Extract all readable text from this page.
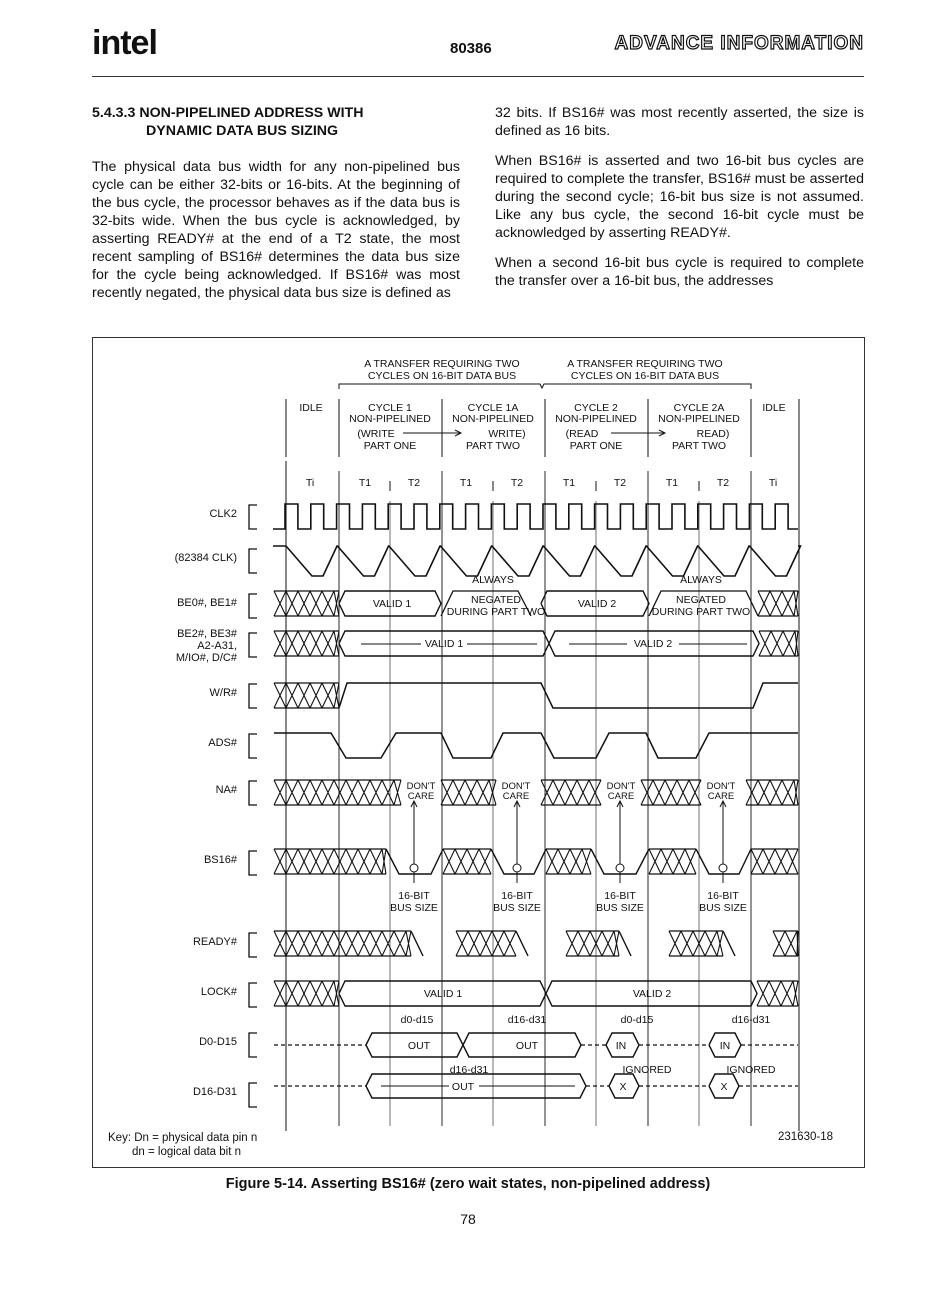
intel	80386	ADVANCE INFORMATION
5.4.3.3 NON-PIPELINED ADDRESS WITH
DYNAMIC DATA BUS SIZING

The physical data bus width for any non-pipelined bus cycle can be either 32-bits or 16-bits. At the beginning of the bus cycle, the processor behaves as if the data bus is 32-bits wide. When the bus cycle is acknowledged, by asserting READY# at the end of a T2 state, the most recent sampling of BS16# determines the data bus size for the cycle being acknowledged. If BS16# was most recently negated, the physical data bus size is defined as

32 bits. If BS16# was most recently asserted, the size is defined as 16 bits.

When BS16# is asserted and two 16-bit bus cycles are required to complete the transfer, BS16# must be asserted during the second cycle; 16-bit bus size is not assumed. Like any bus cycle, the second 16-bit cycle must be acknowledged by asserting READY#.

When a second 16-bit bus cycle is required to complete the transfer over a 16-bit bus, the addresses

A TRANSFER REQUIRING TWO
CYCLES ON 16-BIT DATA BUS
A TRANSFER REQUIRING TWO
CYCLES ON 16-BIT DATA BUS
IDLE	CYCLE 1
NON-PIPELINED
(WRITE
PART ONE
CYCLE 1A
NON-PIPELINED
WRITE)
PART TWO
CYCLE 2
NON-PIPELINED
(READ
PART ONE
CYCLE 2A
NON-PIPELINED
READ)
PART TWO
IDLE
Ti	T1	T2	T1	T2	T1	T2	T1	T2	Ti
CLK2
(82384 CLK)
BE0#, BE1#
BE2#, BE3#
A2-A31,
M/IO#, D/C#
W/R#
ADS#
NA#
BS16#
READY#
LOCK#
D0-D15
D16-D31
VALID 1
ALWAYS
NEGATED
DURING PART TWO
VALID 2
ALWAYS
NEGATED
DURING PART TWO
VALID 1	VALID 2
DON'T
CARE
DON'T
CARE
DON'T
CARE
DON'T
CARE
16-BIT
BUS SIZE
16-BIT
BUS SIZE
16-BIT
BUS SIZE
16-BIT
BUS SIZE
VALID 1	VALID 2
OUT	OUT	IN	IN
d0-d15	d16-d31	d0-d15	d16-d31
OUT	X	X
d16-d31	IGNORED	IGNORED
Key: Dn = physical data pin n
dn = logical data bit n
231630-18
Figure 5-14. Asserting BS16# (zero wait states, non-pipelined address)
78
